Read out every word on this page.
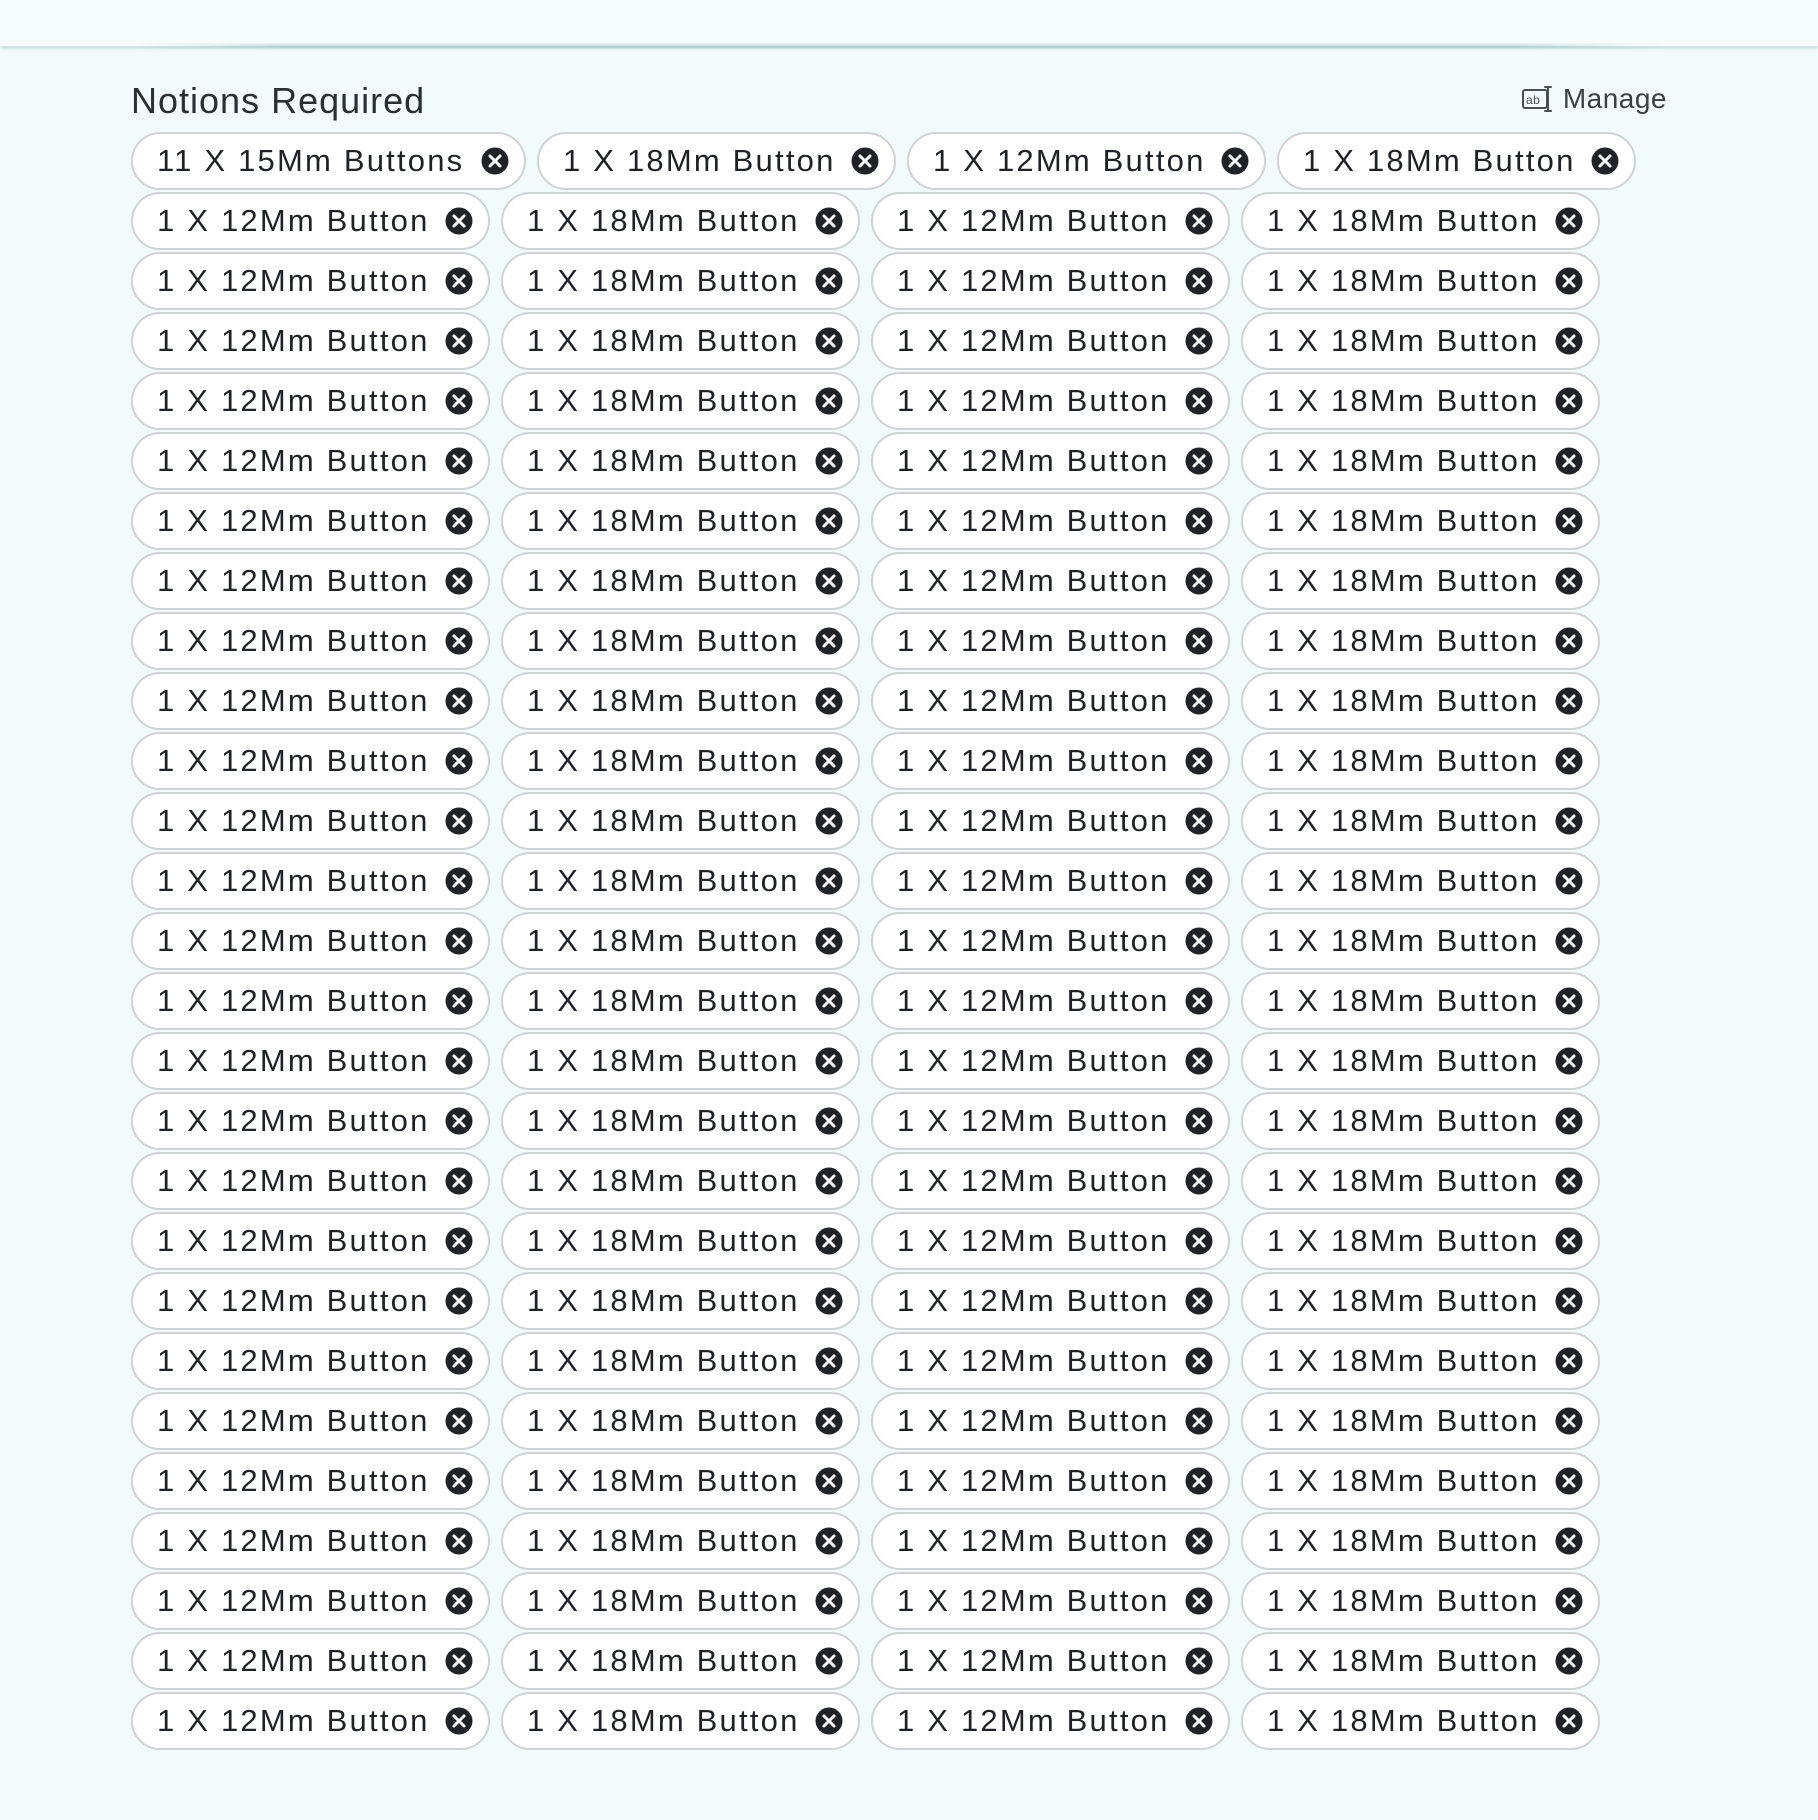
Notions Required	ab Manage
11 X 15Mm Buttons	1 X 18Mm Button	1 X 12Mm Button	1 X 18Mm Button
1 X 12Mm Button	1 X 18Mm Button	1 X 12Mm Button	1 X 18Mm Button
1 X 12Mm Button	1 X 18Mm Button	1 X 12Mm Button	1 X 18Mm Button
1 X 12Mm Button	1 X 18Mm Button	1 X 12Mm Button	1 X 18Mm Button
1 X 12Mm Button	1 X 18Mm Button	1 X 12Mm Button	1 X 18Mm Button
1 X 12Mm Button	1 X 18Mm Button	1 X 12Mm Button	1 X 18Mm Button
1 X 12Mm Button	1 X 18Mm Button	1 X 12Mm Button	1 X 18Mm Button
1 X 12Mm Button	1 X 18Mm Button	1 X 12Mm Button	1 X 18Mm Button
1 X 12Mm Button	1 X 18Mm Button	1 X 12Mm Button	1 X 18Mm Button
1 X 12Mm Button	1 X 18Mm Button	1 X 12Mm Button	1 X 18Mm Button
1 X 12Mm Button	1 X 18Mm Button	1 X 12Mm Button	1 X 18Mm Button
1 X 12Mm Button	1 X 18Mm Button	1 X 12Mm Button	1 X 18Mm Button
1 X 12Mm Button	1 X 18Mm Button	1 X 12Mm Button	1 X 18Mm Button
1 X 12Mm Button	1 X 18Mm Button	1 X 12Mm Button	1 X 18Mm Button
1 X 12Mm Button	1 X 18Mm Button	1 X 12Mm Button	1 X 18Mm Button
1 X 12Mm Button	1 X 18Mm Button	1 X 12Mm Button	1 X 18Mm Button
1 X 12Mm Button	1 X 18Mm Button	1 X 12Mm Button	1 X 18Mm Button
1 X 12Mm Button	1 X 18Mm Button	1 X 12Mm Button	1 X 18Mm Button
1 X 12Mm Button	1 X 18Mm Button	1 X 12Mm Button	1 X 18Mm Button
1 X 12Mm Button	1 X 18Mm Button	1 X 12Mm Button	1 X 18Mm Button
1 X 12Mm Button	1 X 18Mm Button	1 X 12Mm Button	1 X 18Mm Button
1 X 12Mm Button	1 X 18Mm Button	1 X 12Mm Button	1 X 18Mm Button
1 X 12Mm Button	1 X 18Mm Button	1 X 12Mm Button	1 X 18Mm Button
1 X 12Mm Button	1 X 18Mm Button	1 X 12Mm Button	1 X 18Mm Button
1 X 12Mm Button	1 X 18Mm Button	1 X 12Mm Button	1 X 18Mm Button
1 X 12Mm Button	1 X 18Mm Button	1 X 12Mm Button	1 X 18Mm Button
1 X 12Mm Button	1 X 18Mm Button	1 X 12Mm Button	1 X 18Mm Button
